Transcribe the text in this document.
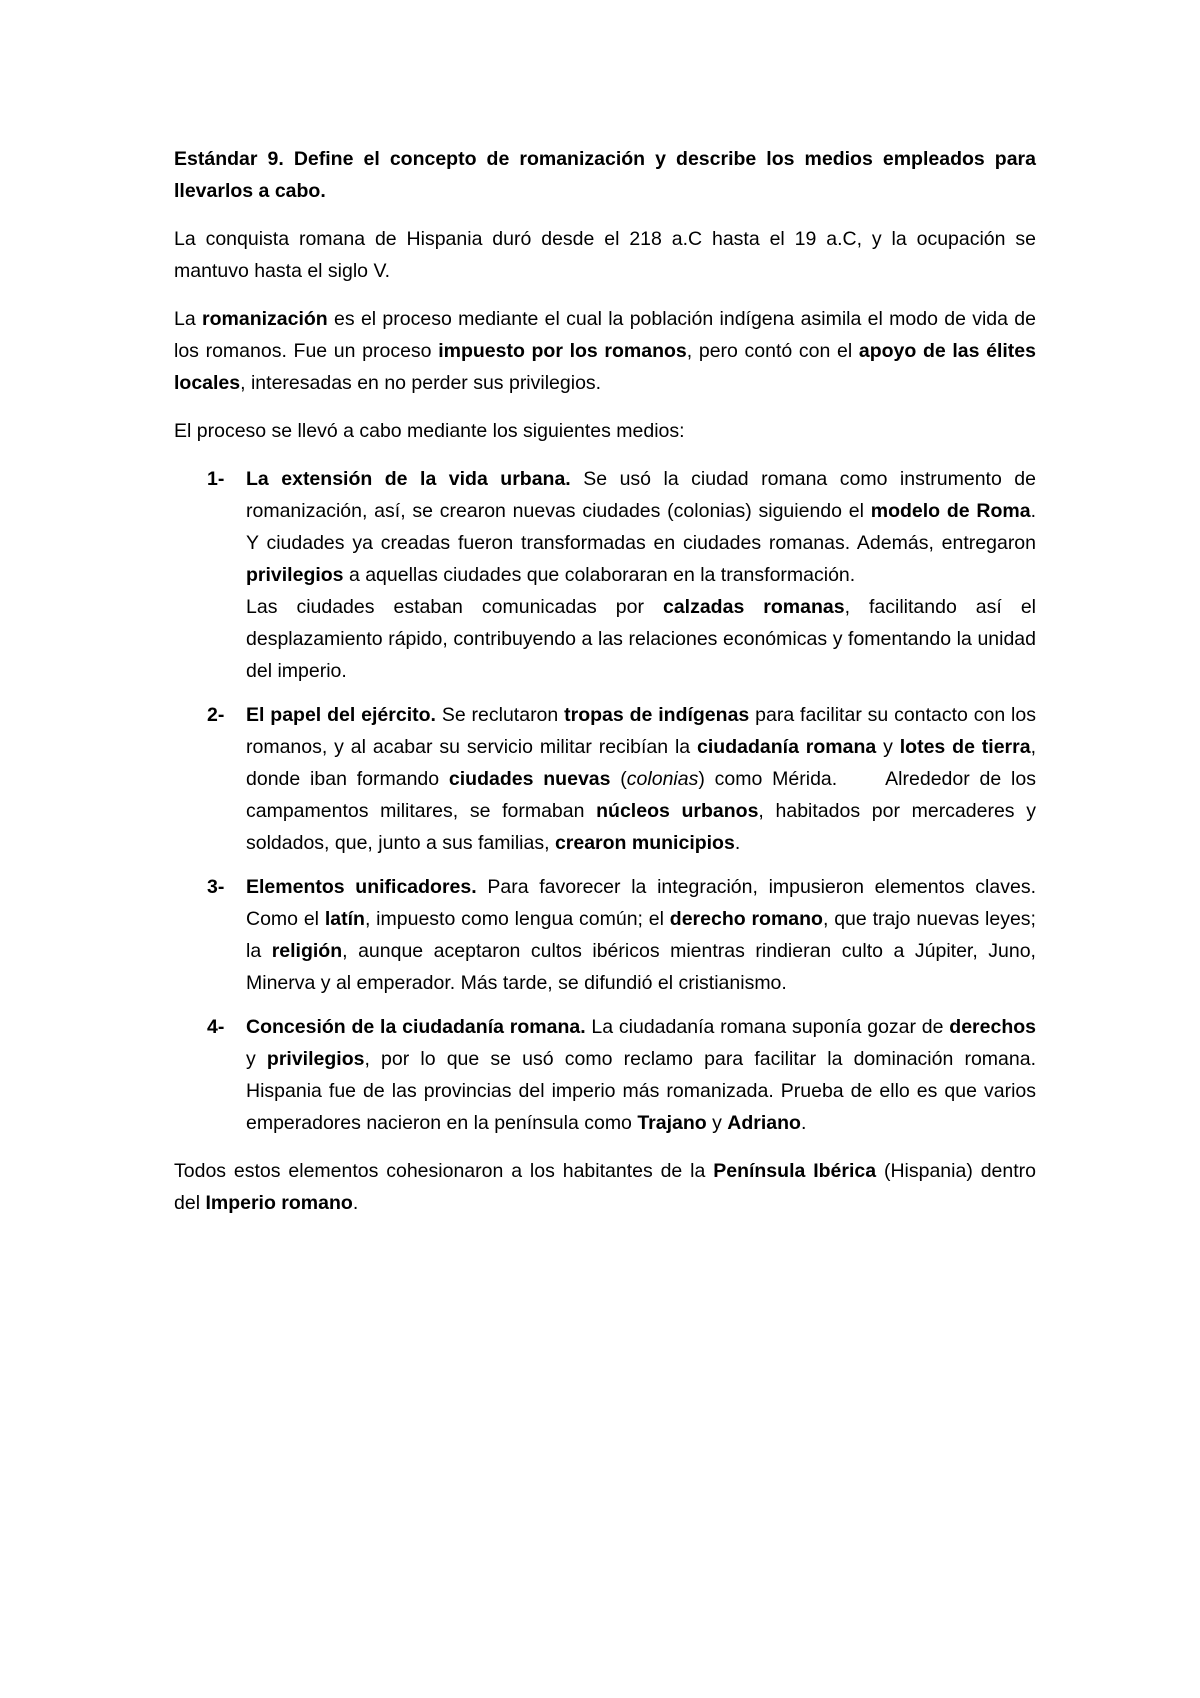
Estándar 9. Define el concepto de romanización y describe los medios empleados para llevarlos a cabo.

La conquista romana de Hispania duró desde el 218 a.C hasta el 19 a.C, y la ocupación se mantuvo hasta el siglo V.

La romanización es el proceso mediante el cual la población indígena asimila el modo de vida de los romanos. Fue un proceso impuesto por los romanos, pero contó con el apoyo de las élites locales, interesadas en no perder sus privilegios.

El proceso se llevó a cabo mediante los siguientes medios:

1- La extensión de la vida urbana. Se usó la ciudad romana como instrumento de romanización, así, se crearon nuevas ciudades (colonias) siguiendo el modelo de Roma. Y ciudades ya creadas fueron transformadas en ciudades romanas. Además, entregaron privilegios a aquellas ciudades que colaboraran en la transformación.
Las ciudades estaban comunicadas por calzadas romanas, facilitando así el desplazamiento rápido, contribuyendo a las relaciones económicas y fomentando la unidad del imperio.
2- El papel del ejército. Se reclutaron tropas de indígenas para facilitar su contacto con los romanos, y al acabar su servicio militar recibían la ciudadanía romana y lotes de tierra, donde iban formando ciudades nuevas (colonias) como Mérida.     Alrededor de los campamentos militares, se formaban núcleos urbanos, habitados por mercaderes y soldados, que, junto a sus familias, crearon municipios.
3- Elementos unificadores. Para favorecer la integración, impusieron elementos claves. Como el latín, impuesto como lengua común; el derecho romano, que trajo nuevas leyes; la religión, aunque aceptaron cultos ibéricos mientras rindieran culto a Júpiter, Juno, Minerva y al emperador. Más tarde, se difundió el cristianismo.
4- Concesión de la ciudadanía romana. La ciudadanía romana suponía gozar de derechos y privilegios, por lo que se usó como reclamo para facilitar la dominación romana. Hispania fue de las provincias del imperio más romanizada. Prueba de ello es que varios emperadores nacieron en la península como Trajano y Adriano.

Todos estos elementos cohesionaron a los habitantes de la Península Ibérica (Hispania) dentro del Imperio romano.
